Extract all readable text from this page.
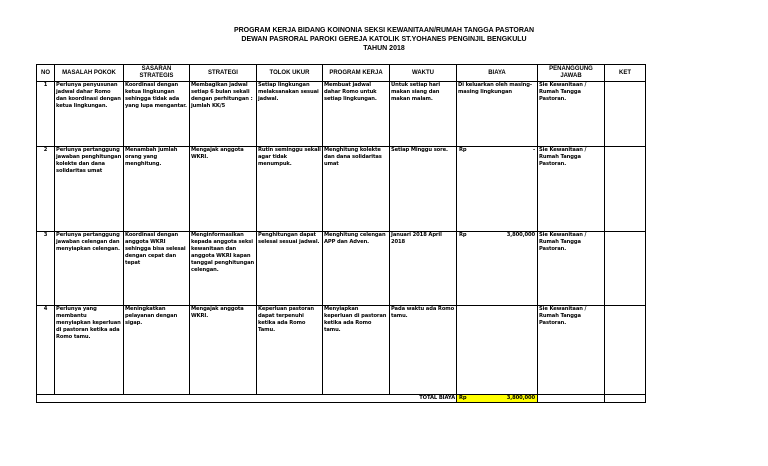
PROGRAM KERJA BIDANG KOINONIA SEKSI KEWANITAAN/RUMAH TANGGA PASTORAN
DEWAN PASRORAL PAROKI GEREJA KATOLIK ST.YOHANES PENGINJIL BENGKULU
TAHUN 2018
NO	MASALAH POKOK	SASARAN STRATEGIS	STRATEGI	TOLOK UKUR	PROGRAM KERJA	WAKTU	BIAYA	PENANGGUNG JAWAB	KET
1	Perlunya penyusunan jadwal dahar Romo dan koordinasi dengan ketua lingkungan.	Koordinasi dengan ketua lingkungan sehingga tidak ada yang lupa mengantar.	Membagikan jadwal setiap 6 bulan sekali dengan perhitungan : jumlah KK/5	Setiap lingkungan melaksanakan sesuai jadwal.	Membuat jadwal dahar Romo untuk setiap lingkungan.	Untuk setiap hari makan siang dan makan malam.	Di keluarkan oleh masing-masing lingkungan	Sie Kewanitaan / Rumah Tangga Pastoran.	
2	Perlunya pertanggung jawaban penghitungan kolekte dan dana solidaritas umat	Menambah jumlah orang yang menghitung.	Mengajak anggota WKRI.	Rutin seminggu sekali agar tidak menumpuk.	Menghitung kolekte dan dana solidaritas umat	Setiap Minggu sore.	Rp -	Sie Kewanitaan / Rumah Tangga Pastoran.	
3	Perlunya pertanggung jawaban celengan dan menyiapkan celengan.	Koordinasi dengan anggota WKRI sehingga bisa selesai dengan cepat dan tepat	Menginformasikan kepada anggota seksi kewanitaan dan anggota WKRI kapan tanggal penghitungan celengan.	Penghitungan dapat selesai sesuai jadwal.	Menghitung celengan APP dan Adven.	Januari 2018 April 2018	Rp 3,800,000	Sie Kewanitaan / Rumah Tangga Pastoran.	
4	Perlunya yang membantu menyiapkan keperluan di pastoran ketika ada Romo tamu.	Meningkatkan pelayanan dengan sigap.	Mengajak anggota WKRI.	Keperluan pastoran dapat terpenuhi ketika ada Romo Tamu.	Menyiapkan keperluan di pastoran ketika ada Romo tamu.	Pada waktu ada Romo tamu.		Sie Kewanitaan / Rumah Tangga Pastoran.	
TOTAL BIAYA							Rp 3,800,000		
